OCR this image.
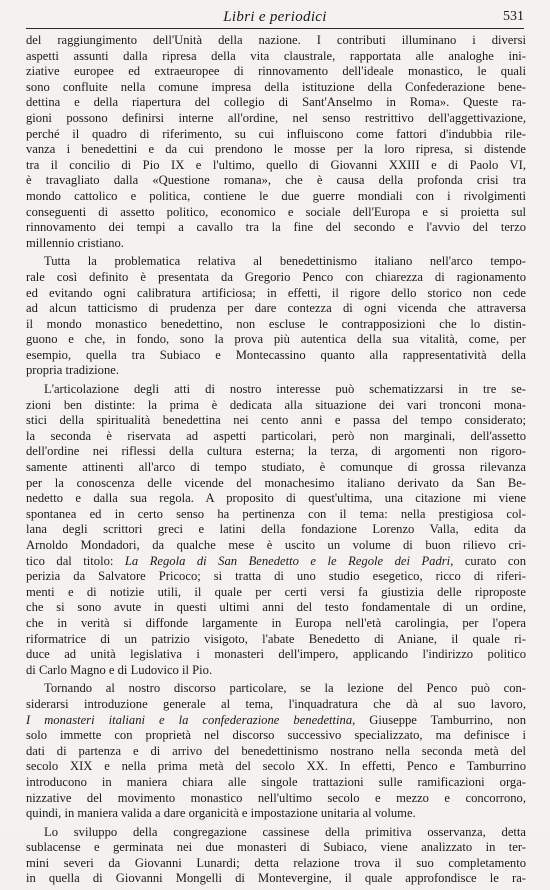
Libri e periodici	531
del raggiungimento dell'Unità della nazione. I contributi illuminano i diversi
aspetti assunti dalla ripresa della vita claustrale, rapportata alle analoghe ini-
ziative europee ed extraeuropee di rinnovamento dell'ideale monastico, le quali
sono confluite nella comune impresa della istituzione della Confederazione bene-
dettina e della riapertura del collegio di Sant'Anselmo in Roma». Queste ra-
gioni possono definirsi interne all'ordine, nel senso restrittivo dell'aggettivazione,
perché il quadro di riferimento, su cui influiscono come fattori d'indubbia rile-
vanza i benedettini e da cui prendono le mosse per la loro ripresa, si distende
tra il concilio di Pio IX e l'ultimo, quello di Giovanni XXIII e di Paolo VI,
è travagliato dalla «Questione romana», che è causa della profonda crisi tra
mondo cattolico e politica, contiene le due guerre mondiali con i rivolgimenti
conseguenti di assetto politico, economico e sociale dell'Europa e si proietta sul
rinnovamento dei tempi a cavallo tra la fine del secondo e l'avvio del terzo
millennio cristiano.
Tutta la problematica relativa al benedettinismo italiano nell'arco tempo-
rale così definito è presentata da Gregorio Penco con chiarezza di ragionamento
ed evitando ogni calibratura artificiosa; in effetti, il rigore dello storico non cede
ad alcun tatticismo di prudenza per dare contezza di ogni vicenda che attraversa
il mondo monastico benedettino, non escluse le contrapposizioni che lo distin-
guono e che, in fondo, sono la prova più autentica della sua vitalità, come, per
esempio, quella tra Subiaco e Montecassino quanto alla rappresentatività della
propria tradizione.
L'articolazione degli atti di nostro interesse può schematizzarsi in tre se-
zioni ben distinte: la prima è dedicata alla situazione dei vari tronconi mona-
stici della spiritualità benedettina nei cento anni e passa del tempo considerato;
la seconda è riservata ad aspetti particolari, però non marginali, dell'assetto
dell'ordine nei riflessi della cultura esterna; la terza, di argomenti non rigoro-
samente attinenti all'arco di tempo studiato, è comunque di grossa rilevanza
per la conoscenza delle vicende del monachesimo italiano derivato da San Be-
nedetto e dalla sua regola. A proposito di quest'ultima, una citazione mi viene
spontanea ed in certo senso ha pertinenza con il tema: nella prestigiosa col-
lana degli scrittori greci e latini della fondazione Lorenzo Valla, edita da
Arnoldo Mondadori, da qualche mese è uscito un volume di buon rilievo cri-
tico dal titolo: La Regola di San Benedetto e le Regole dei Padri, curato con
perizia da Salvatore Pricoco; si tratta di uno studio esegetico, ricco di riferi-
menti e di notizie utili, il quale per certi versi fa giustizia delle riproposte
che si sono avute in questi ultimi anni del testo fondamentale di un ordine,
che in verità si diffonde largamente in Europa nell'età carolingia, per l'opera
riformatrice di un patrizio visigoto, l'abate Benedetto di Aniane, il quale ri-
duce ad unità legislativa i monasteri dell'impero, applicando l'indirizzo politico
di Carlo Magno e di Ludovico il Pio.
Tornando al nostro discorso particolare, se la lezione del Penco può con-
siderarsi introduzione generale al tema, l'inquadratura che dà al suo lavoro,
I monasteri italiani e la confederazione benedettina, Giuseppe Tamburrino, non
solo immette con proprietà nel discorso successivo specializzato, ma definisce i
dati di partenza e di arrivo del benedettinismo nostrano nella seconda metà del
secolo XIX e nella prima metà del secolo XX. In effetti, Penco e Tamburrino
introducono in maniera chiara alle singole trattazioni sulle ramificazioni orga-
nizzative del movimento monastico nell'ultimo secolo e mezzo e concorrono,
quindi, in maniera valida a dare organicità e impostazione unitaria al volume.
Lo sviluppo della congregazione cassinese della primitiva osservanza, detta
sublacense e germinata nei due monasteri di Subiaco, viene analizzato in ter-
mini severi da Giovanni Lunardi; detta relazione trova il suo completamento
in quella di Giovanni Mongelli di Montevergine, il quale approfondisce le ra-
